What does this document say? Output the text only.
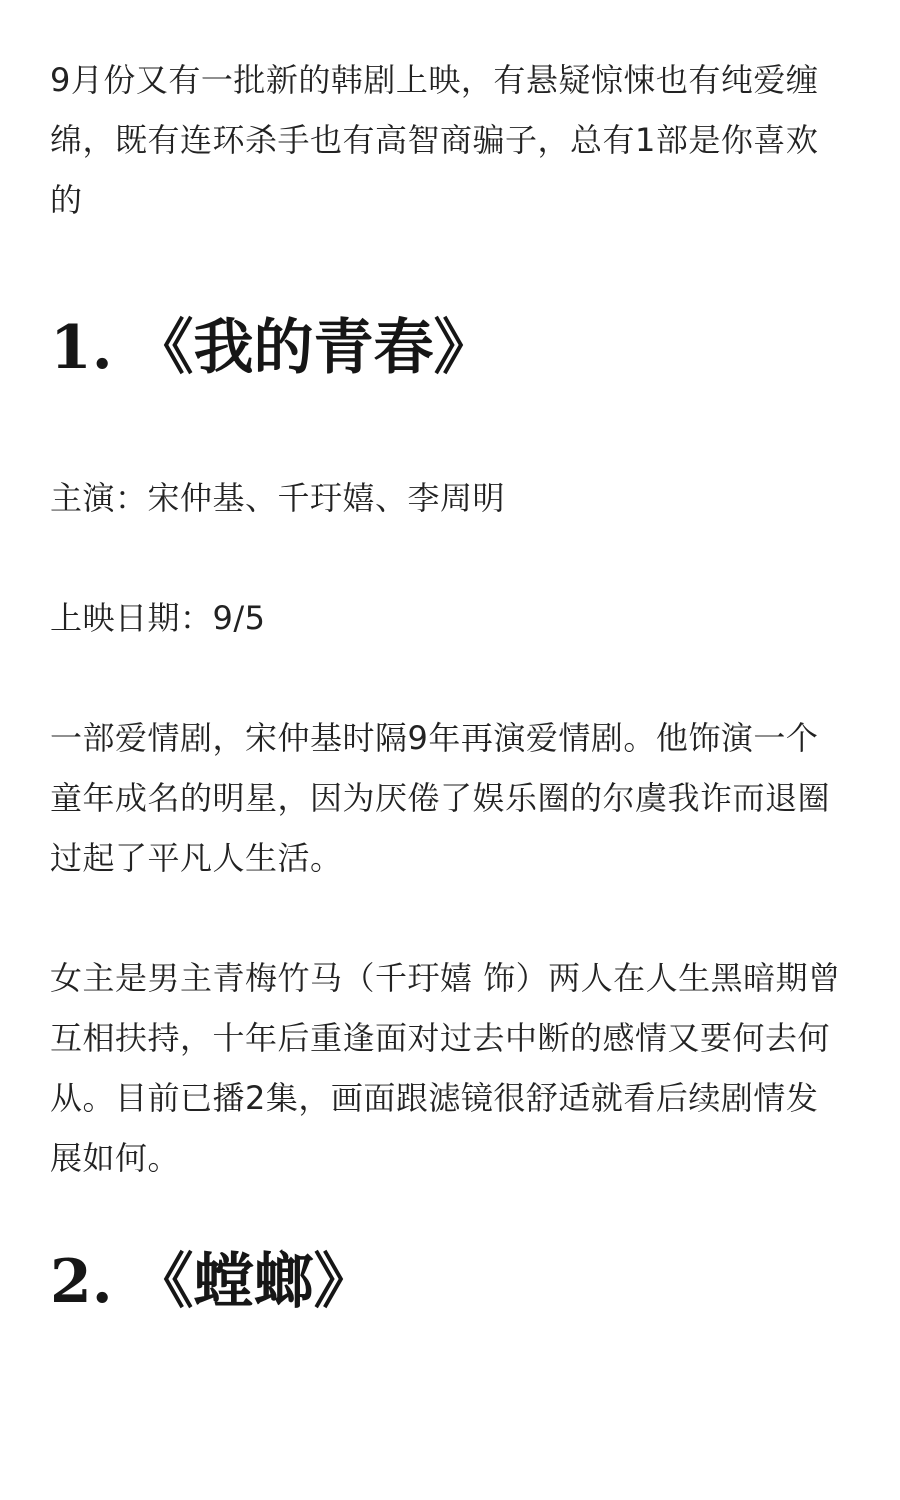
9月份又有一批新的韩剧上映，有悬疑惊悚也有纯爱缠绵，既有连环杀手也有高智商骗子，总有1部是你喜欢的

1. 《我的青春》

主演：宋仲基、千玗嬉、李周明

上映日期：9/5

一部爱情剧，宋仲基时隔9年再演爱情剧。他饰演一个童年成名的明星，因为厌倦了娱乐圈的尔虞我诈而退圈过起了平凡人生活。

女主是男主青梅竹马（千玗嬉 饰）两人在人生黑暗期曾互相扶持，十年后重逢面对过去中断的感情又要何去何从。目前已播2集，画面跟滤镜很舒适就看后续剧情发展如何。

2. 《螳螂》
